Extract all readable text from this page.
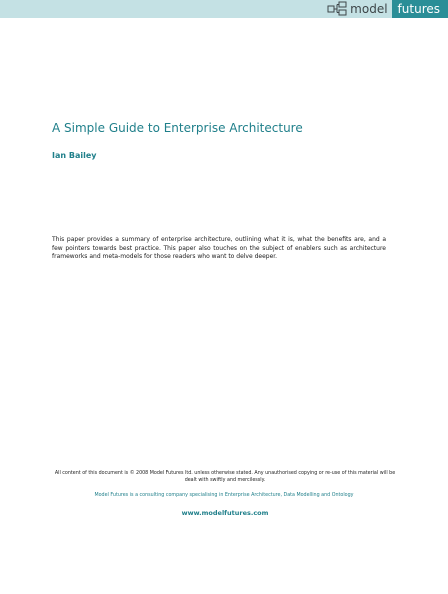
model futures
A Simple Guide to Enterprise Architecture

Ian Bailey

This paper provides a summary of enterprise architecture, outlining what it is, what the benefits are, and a few pointers towards best practice. This paper also touches on the subject of enablers such as architecture frameworks and meta-models for those readers who want to delve deeper.

All content of this document is © 2008 Model Futures ltd. unless otherwise stated. Any unauthorised copying or re-use of this material will be dealt with swiftly and mercilessly.

Model Futures is a consulting company specialising in Enterprise Architecture, Data Modelling and Ontology

www.modelfutures.com
